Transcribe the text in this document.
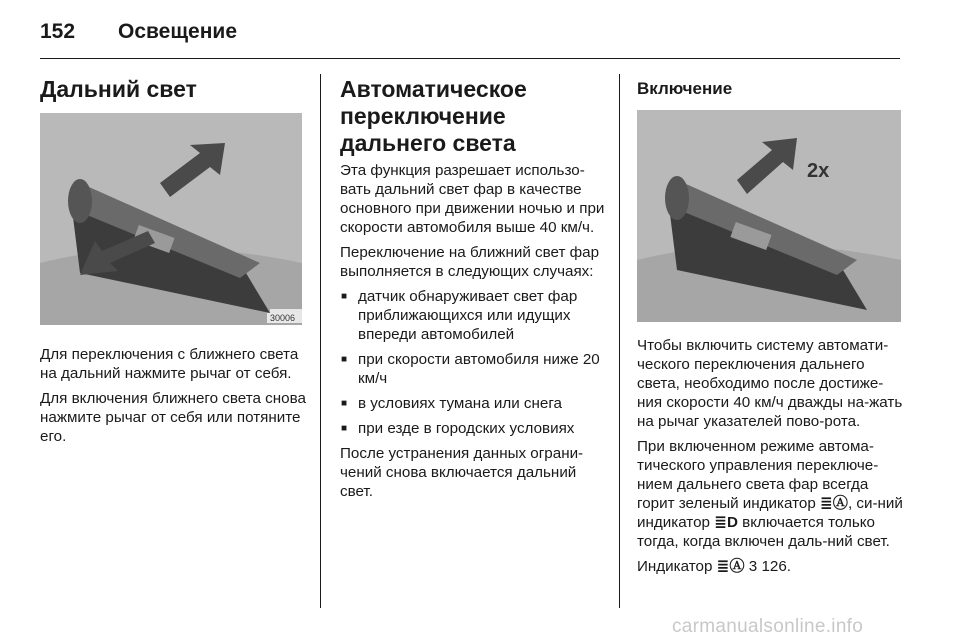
152 Освещение
Дальний свет
30006

Для переключения с ближнего света на дальний нажмите рычаг от себя.

Для включения ближнего света снова нажмите рычаг от себя или потяните его.

Автоматическое переключение дальнего света

Эта функция разрешает использо-вать дальний свет фар в качестве основного при движении ночью и при скорости автомобиля выше 40 км/ч.

Переключение на ближний свет фар выполняется в следующих случаях:

■ датчик обнаруживает свет фар приближающихся или идущих впереди автомобилей
■ при скорости автомобиля ниже 20 км/ч
■ в условиях тумана или снега
■ при езде в городских условиях

После устранения данных ограни-чений снова включается дальний свет.

Включение
2x

Чтобы включить систему автомати-ческого переключения дальнего света, необходимо после достиже-ния скорости 40 км/ч дважды на-жать на рычаг указателей пово-рота.

При включенном режиме автома-тического управления переключе-нием дальнего света фар всегда горит зеленый индикатор ≣Ⓐ, си-ний индикатор ≣D включается только тогда, когда включен даль-ний свет.

Индикатор ≣Ⓐ 3 126.

carmanualsonline.info
